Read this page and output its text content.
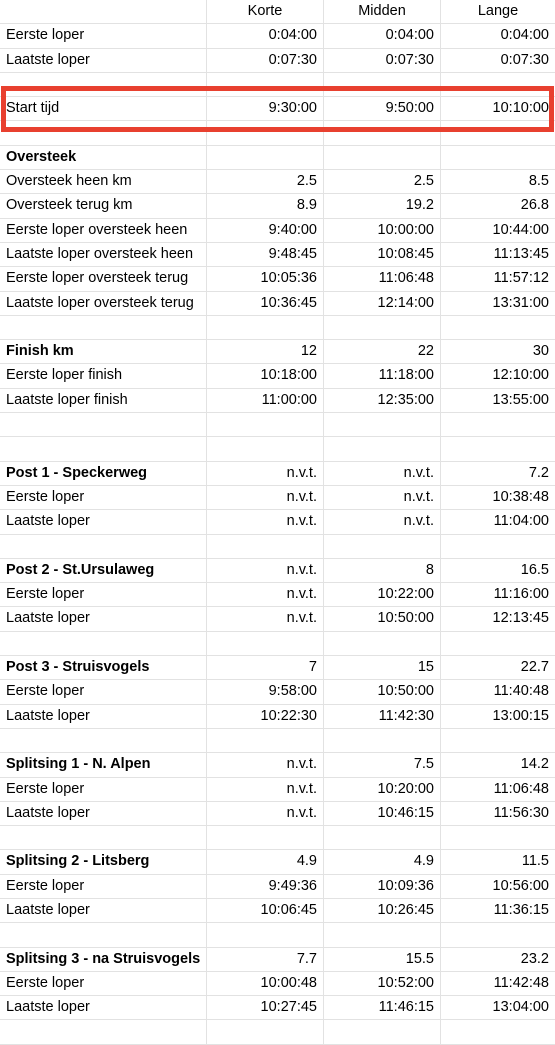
Korte	Midden	Lange
Eerste loper	0:04:00	0:04:00	0:04:00
Laatste loper	0:07:30	0:07:30	0:07:30
Start tijd	9:30:00	9:50:00	10:10:00
Oversteek
Oversteek heen km	2.5	2.5	8.5
Oversteek terug km	8.9	19.2	26.8
Eerste loper oversteek heen	9:40:00	10:00:00	10:44:00
Laatste loper oversteek heen	9:48:45	10:08:45	11:13:45
Eerste loper oversteek terug	10:05:36	11:06:48	11:57:12
Laatste loper oversteek terug	10:36:45	12:14:00	13:31:00
Finish km	12	22	30
Eerste loper finish	10:18:00	11:18:00	12:10:00
Laatste loper finish	11:00:00	12:35:00	13:55:00
Post 1 - Speckerweg	n.v.t.	n.v.t.	7.2
Eerste loper	n.v.t.	n.v.t.	10:38:48
Laatste loper	n.v.t.	n.v.t.	11:04:00
Post 2 - St.Ursulaweg	n.v.t.	8	16.5
Eerste loper	n.v.t.	10:22:00	11:16:00
Laatste loper	n.v.t.	10:50:00	12:13:45
Post 3 - Struisvogels	7	15	22.7
Eerste loper	9:58:00	10:50:00	11:40:48
Laatste loper	10:22:30	11:42:30	13:00:15
Splitsing 1 - N. Alpen	n.v.t.	7.5	14.2
Eerste loper	n.v.t.	10:20:00	11:06:48
Laatste loper	n.v.t.	10:46:15	11:56:30
Splitsing 2 - Litsberg	4.9	4.9	11.5
Eerste loper	9:49:36	10:09:36	10:56:00
Laatste loper	10:06:45	10:26:45	11:36:15
Splitsing 3 - na Struisvogels	7.7	15.5	23.2
Eerste loper	10:00:48	10:52:00	11:42:48
Laatste loper	10:27:45	11:46:15	13:04:00
